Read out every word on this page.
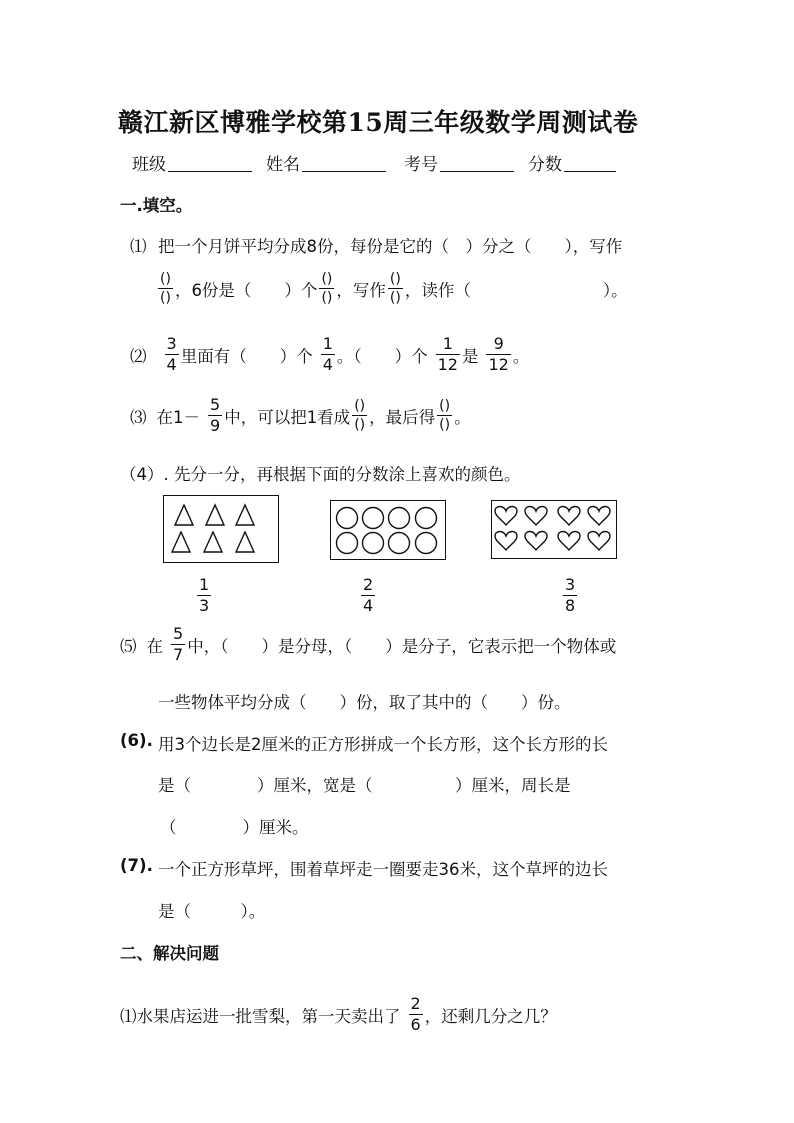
赣江新区博雅学校第15周三年级数学周测试卷
班级	姓名	考号	分数
一.填空。
⑴ 把一个月饼平均分成8份，每份是它的（　）分之（　　），写作
$\frac{()}{()}$ ，6份是（　　）个 $\frac{()}{()}$ ，写作 $\frac{()}{()}$ ，读作（　　　　　　　　）。
⑵ $\frac{3}{4}$ 里面有（　　）个 $\frac{1}{4}$ 。（　　）个 $\frac{1}{12}$ 是 $\frac{9}{12}$ 。
⑶ 在$1- \frac{5}{9}$ 中，可以把1看成 $\frac{()}{()}$ ，最后得 $\frac{()}{()}$ 。
（4）. 先分一分，再根据下面的分数涂上喜欢的颜色。
$\frac{1}{3}$	$\frac{2}{4}$	$\frac{3}{8}$
⑸ 在 $\frac{5}{7}$ 中，（　　）是分母，（　　）是分子，它表示把一个物体或
一些物体平均分成（　　）份，取了其中的（　　）份。
(6). 用3个边长是2厘米的正方形拼成一个长方形，这个长方形的长
是（　　　　）厘米，宽是（　　　　　）厘米，周长是
（　　　　）厘米。
(7). 一个正方形草坪，围着草坪走一圈要走36米，这个草坪的边长
是（　　　）。
二、解决问题
⑴ 水果店运进一批雪梨，第一天卖出了 $\frac{2}{6}$ ，还剩几分之几？
